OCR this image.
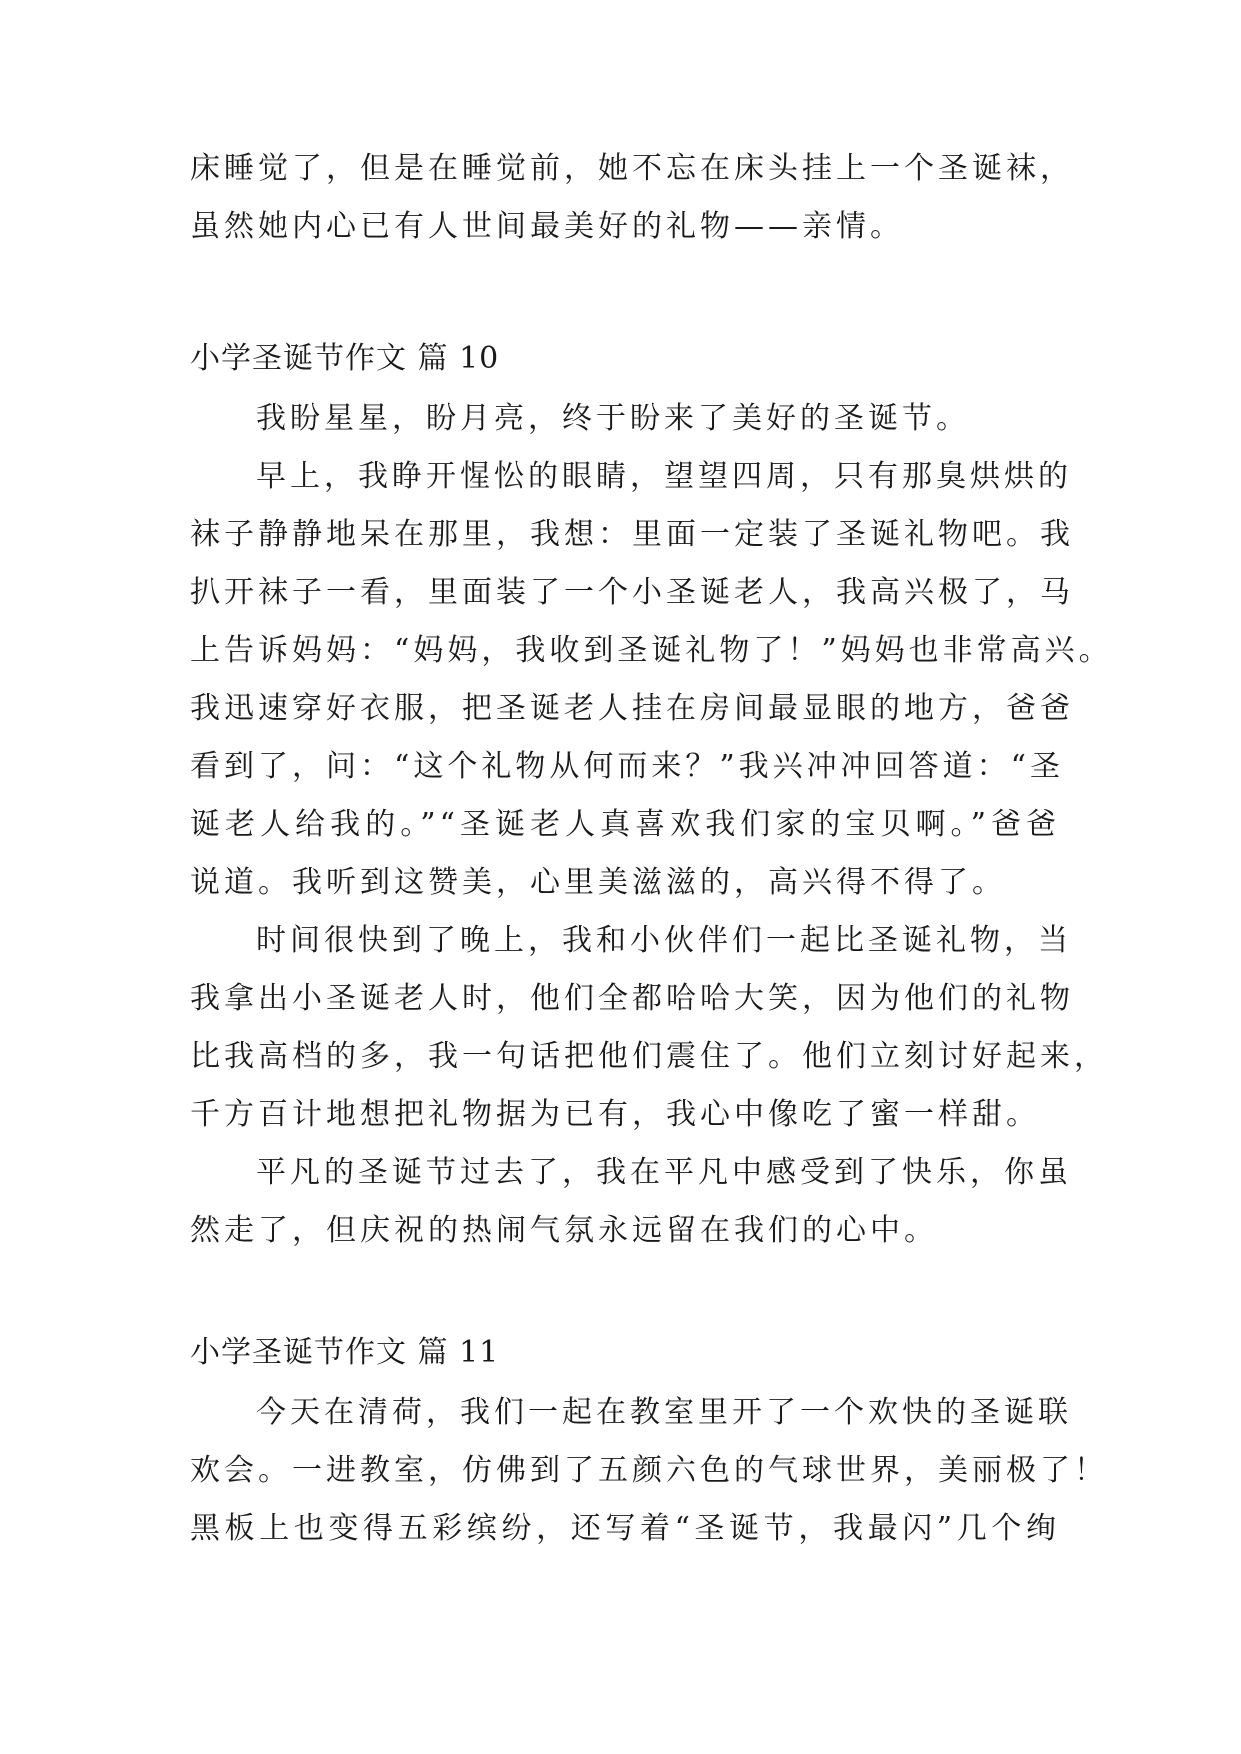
床睡觉了，但是在睡觉前，她不忘在床头挂上一个圣诞袜，
虽然她内心已有人世间最美好的礼物——亲情。
小学圣诞节作文 篇 10
我盼星星，盼月亮，终于盼来了美好的圣诞节。
早上，我睁开惺忪的眼睛，望望四周，只有那臭烘烘的
袜子静静地呆在那里，我想：里面一定装了圣诞礼物吧。我
扒开袜子一看，里面装了一个小圣诞老人，我高兴极了，马
上告诉妈妈：“妈妈，我收到圣诞礼物了！”妈妈也非常高兴。
我迅速穿好衣服，把圣诞老人挂在房间最显眼的地方，爸爸
看到了，问：“这个礼物从何而来？”我兴冲冲回答道：“圣
诞老人给我的。”“圣诞老人真喜欢我们家的宝贝啊。”爸爸
说道。我听到这赞美，心里美滋滋的，高兴得不得了。
时间很快到了晚上，我和小伙伴们一起比圣诞礼物，当
我拿出小圣诞老人时，他们全都哈哈大笑，因为他们的礼物
比我高档的多，我一句话把他们震住了。他们立刻讨好起来，
千方百计地想把礼物据为已有，我心中像吃了蜜一样甜。
平凡的圣诞节过去了，我在平凡中感受到了快乐，你虽
然走了，但庆祝的热闹气氛永远留在我们的心中。
小学圣诞节作文 篇 11
今天在清荷，我们一起在教室里开了一个欢快的圣诞联
欢会。一进教室，仿佛到了五颜六色的气球世界，美丽极了！
黑板上也变得五彩缤纷，还写着“圣诞节，我最闪”几个绚
